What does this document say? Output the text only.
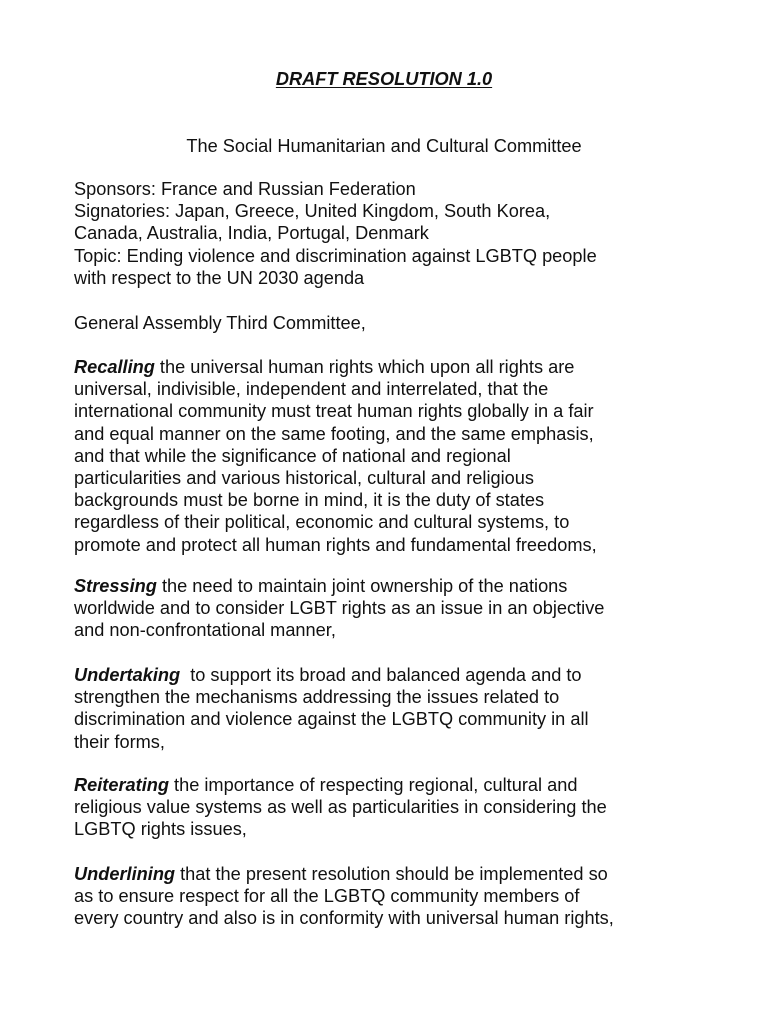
DRAFT RESOLUTION 1.0
The Social Humanitarian and Cultural Committee
Sponsors: France and Russian Federation
Signatories: Japan, Greece, United Kingdom, South Korea,
Canada, Australia, India, Portugal, Denmark
Topic: Ending violence and discrimination against LGBTQ people
with respect to the UN 2030 agenda
General Assembly Third Committee,
Recalling the universal human rights which upon all rights are
universal, indivisible, independent and interrelated, that the
international community must treat human rights globally in a fair
and equal manner on the same footing, and the same emphasis,
and that while the significance of national and regional
particularities and various historical, cultural and religious
backgrounds must be borne in mind, it is the duty of states
regardless of their political, economic and cultural systems, to
promote and protect all human rights and fundamental freedoms,
Stressing the need to maintain joint ownership of the nations
worldwide and to consider LGBT rights as an issue in an objective
and non-confrontational manner,
Undertaking  to support its broad and balanced agenda and to
strengthen the mechanisms addressing the issues related to
discrimination and violence against the LGBTQ community in all
their forms,
Reiterating the importance of respecting regional, cultural and
religious value systems as well as particularities in considering the
LGBTQ rights issues,
Underlining that the present resolution should be implemented so
as to ensure respect for all the LGBTQ community members of
every country and also is in conformity with universal human rights,
